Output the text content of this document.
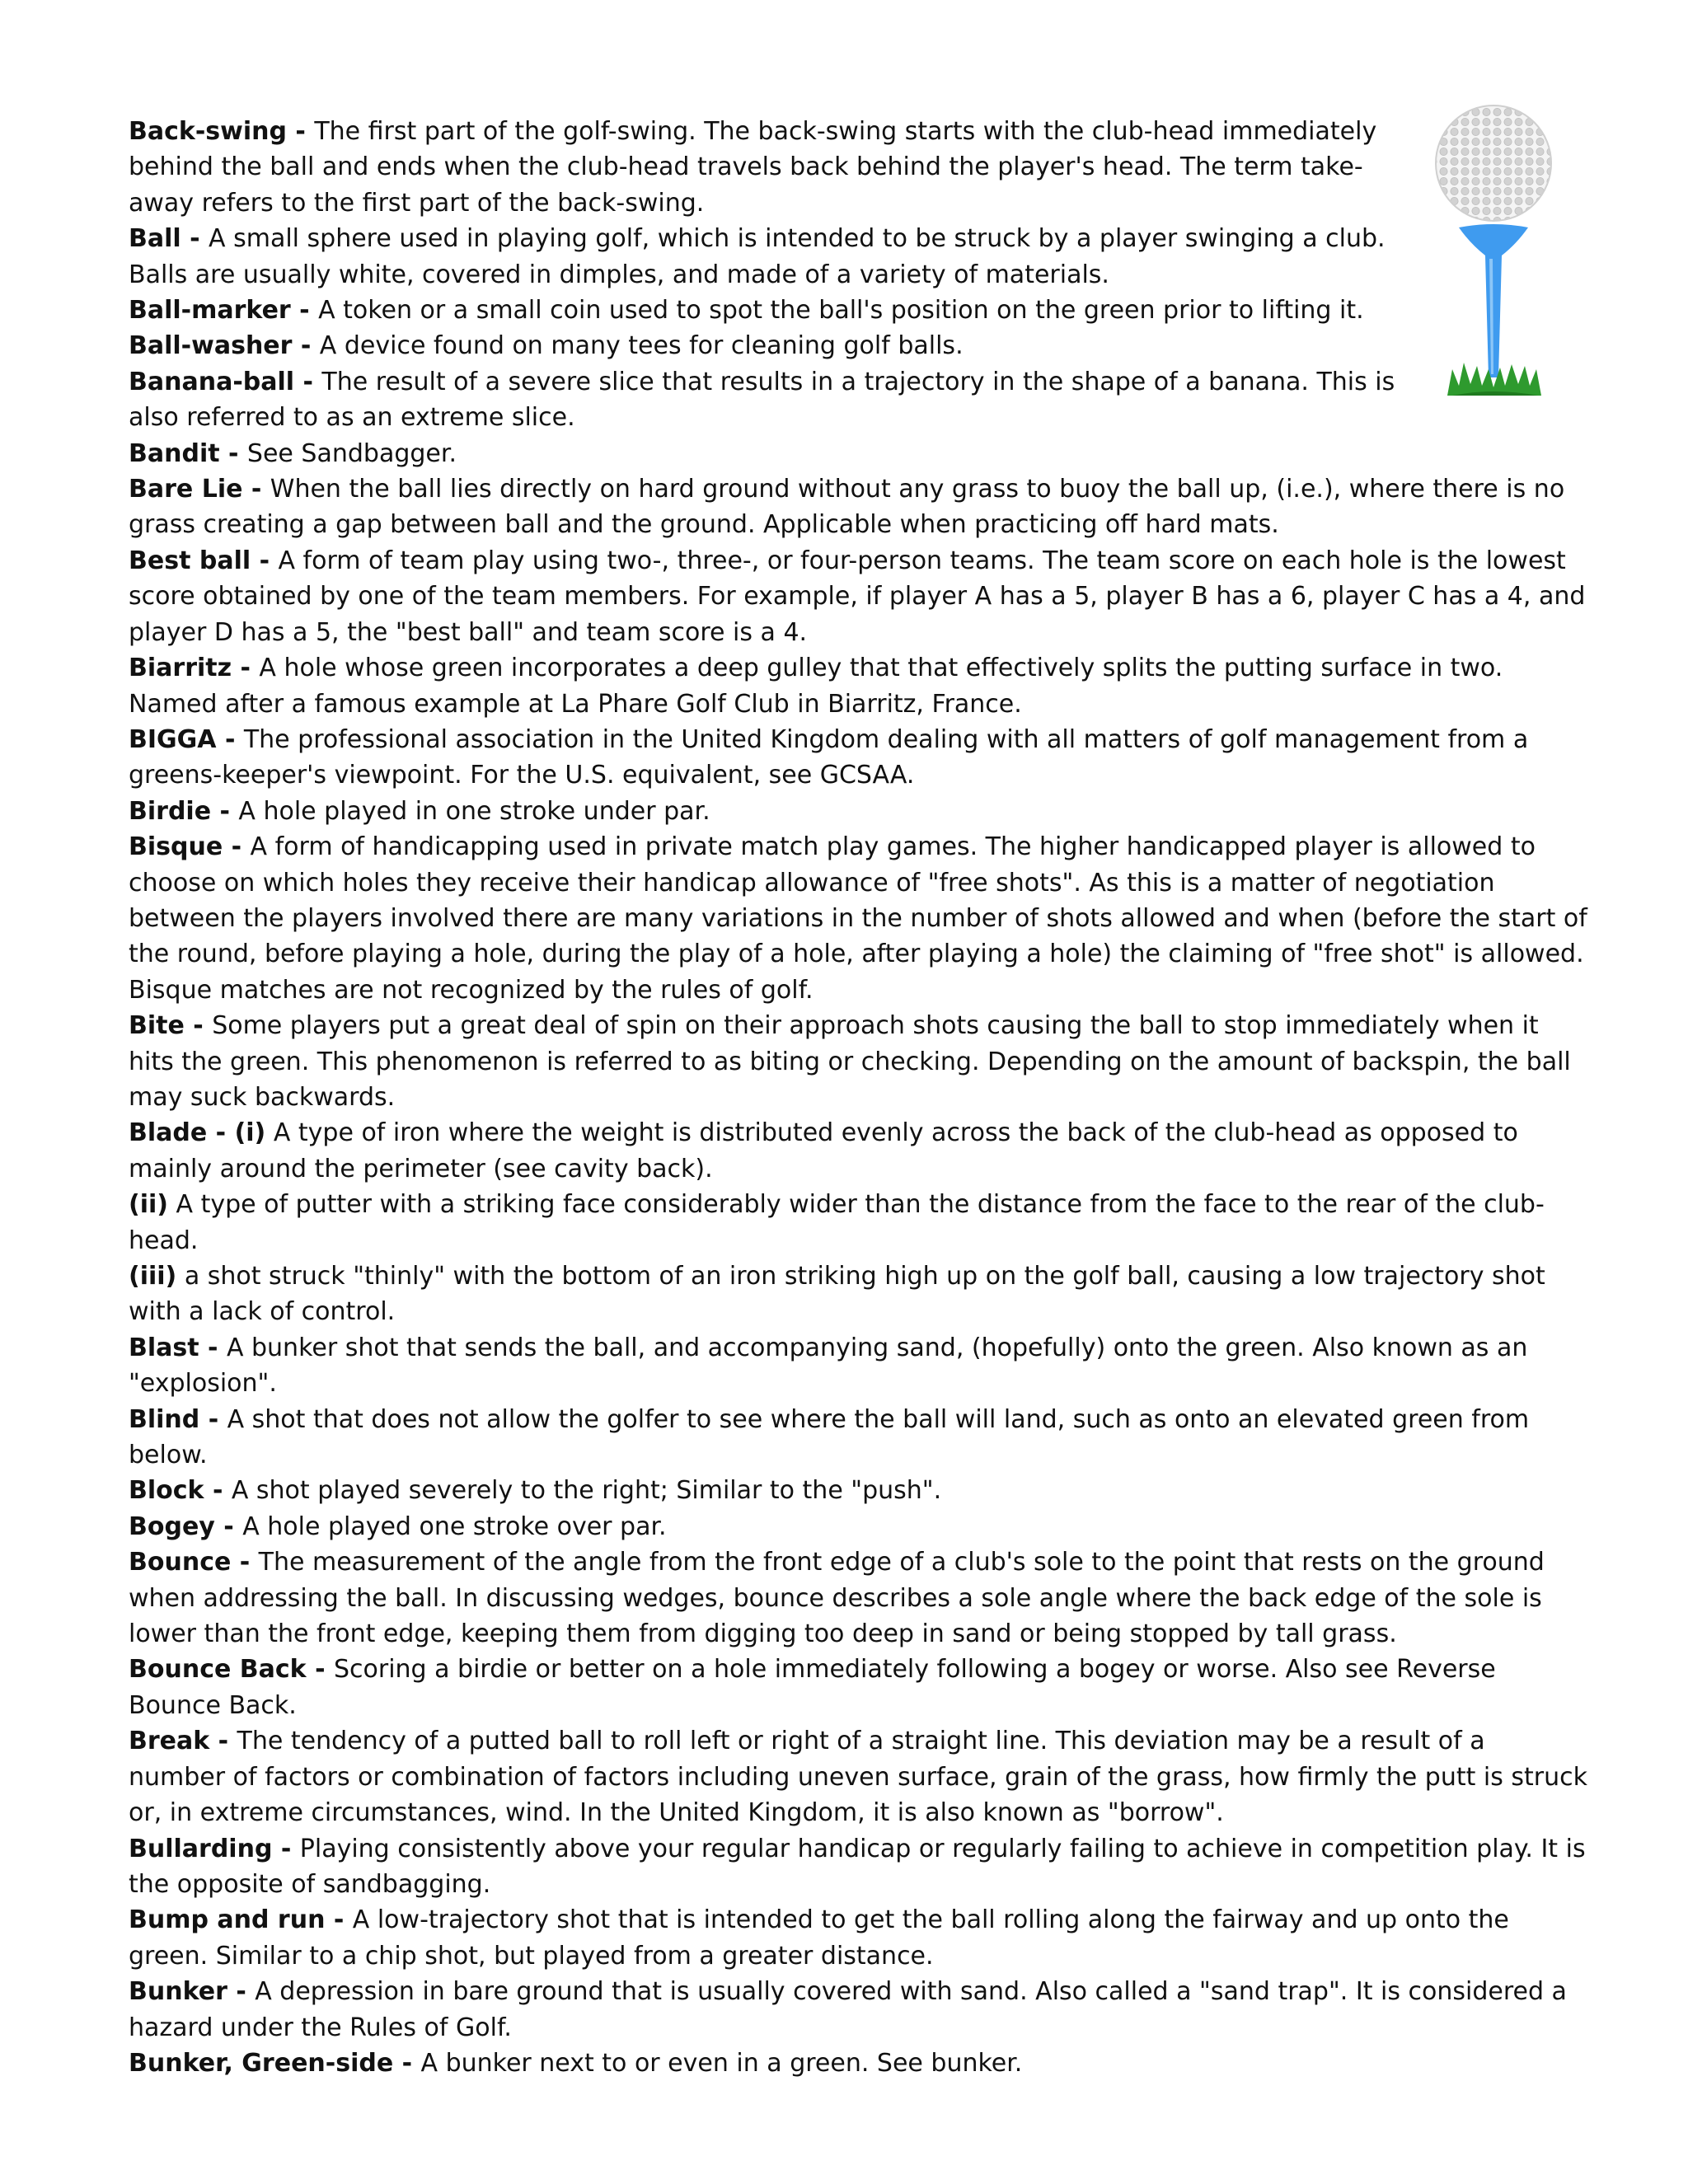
Back-swing - The first part of the golf-swing. The back-swing starts with the club-head immediately behind the ball and ends when the club-head travels back behind the player's head. The term take-away refers to the first part of the back-swing.

Ball - A small sphere used in playing golf, which is intended to be struck by a player swinging a club. Balls are usually white, covered in dimples, and made of a variety of materials.

Ball-marker - A token or a small coin used to spot the ball's position on the green prior to lifting it.

Ball-washer - A device found on many tees for cleaning golf balls.

Banana-ball - The result of a severe slice that results in a trajectory in the shape of a banana. This is also referred to as an extreme slice.

Bandit - See Sandbagger.

Bare Lie - When the ball lies directly on hard ground without any grass to buoy the ball up, (i.e.), where there is no grass creating a gap between ball and the ground. Applicable when practicing off hard mats.

Best ball - A form of team play using two-, three-, or four-person teams. The team score on each hole is the lowest score obtained by one of the team members. For example, if player A has a 5, player B has a 6, player C has a 4, and player D has a 5, the "best ball" and team score is a 4.

Biarritz - A hole whose green incorporates a deep gulley that that effectively splits the putting surface in two. Named after a famous example at La Phare Golf Club in Biarritz, France.

BIGGA - The professional association in the United Kingdom dealing with all matters of golf management from a greens-keeper's viewpoint. For the U.S. equivalent, see GCSAA.

Birdie - A hole played in one stroke under par.

Bisque - A form of handicapping used in private match play games. The higher handicapped player is allowed to choose on which holes they receive their handicap allowance of "free shots". As this is a matter of negotiation between the players involved there are many variations in the number of shots allowed and when (before the start of the round, before playing a hole, during the play of a hole, after playing a hole) the claiming of "free shot" is allowed. Bisque matches are not recognized by the rules of golf.

Bite - Some players put a great deal of spin on their approach shots causing the ball to stop immediately when it hits the green. This phenomenon is referred to as biting or checking. Depending on the amount of backspin, the ball may suck backwards.

Blade - (i) A type of iron where the weight is distributed evenly across the back of the club-head as opposed to mainly around the perimeter (see cavity back).

(ii) A type of putter with a striking face considerably wider than the distance from the face to the rear of the club-head.

(iii) a shot struck "thinly" with the bottom of an iron striking high up on the golf ball, causing a low trajectory shot with a lack of control.

Blast - A bunker shot that sends the ball, and accompanying sand, (hopefully) onto the green. Also known as an "explosion".

Blind - A shot that does not allow the golfer to see where the ball will land, such as onto an elevated green from below.

Block - A shot played severely to the right; Similar to the "push".

Bogey - A hole played one stroke over par.

Bounce - The measurement of the angle from the front edge of a club's sole to the point that rests on the ground when addressing the ball. In discussing wedges, bounce describes a sole angle where the back edge of the sole is lower than the front edge, keeping them from digging too deep in sand or being stopped by tall grass.

Bounce Back - Scoring a birdie or better on a hole immediately following a bogey or worse. Also see Reverse Bounce Back.

Break - The tendency of a putted ball to roll left or right of a straight line. This deviation may be a result of a number of factors or combination of factors including uneven surface, grain of the grass, how firmly the putt is struck or, in extreme circumstances, wind. In the United Kingdom, it is also known as "borrow".

Bullarding - Playing consistently above your regular handicap or regularly failing to achieve in competition play. It is the opposite of sandbagging.

Bump and run - A low-trajectory shot that is intended to get the ball rolling along the fairway and up onto the green. Similar to a chip shot, but played from a greater distance.

Bunker - A depression in bare ground that is usually covered with sand. Also called a "sand trap". It is considered a hazard under the Rules of Golf.

Bunker, Green-side - A bunker next to or even in a green. See bunker.
